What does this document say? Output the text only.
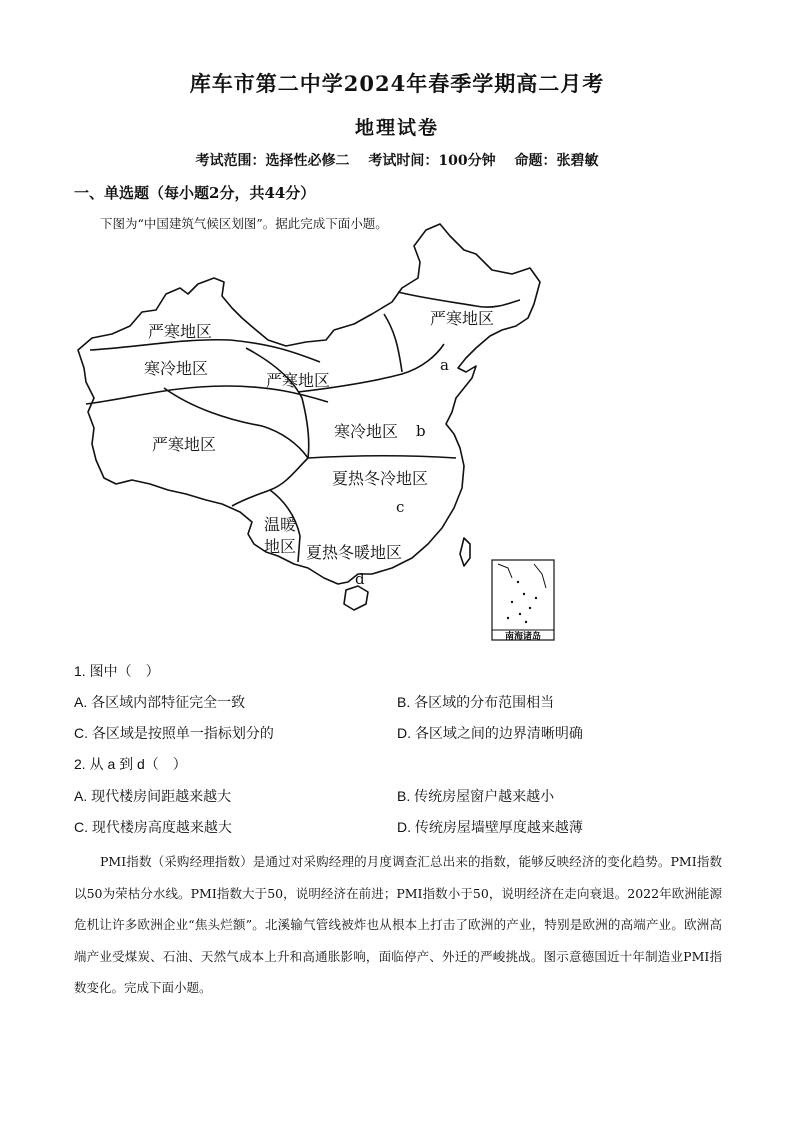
库车市第二中学2024年春季学期高二月考
地理试卷
考试范围：选择性必修二 考试时间：100分钟 命题：张碧敏
一、单选题（每小题2分，共44分）
下图为“中国建筑气候区划图”。据此完成下面小题。
南海诸岛
严寒地区
寒冷地区
严寒地区
严寒地区
严寒地区
寒冷地区
夏热冬冷地区
温暖
地区 夏热冬暖地区
a
b
c
d
1. 图中（　）
A. 各区域内部特征完全一致	B. 各区域的分布范围相当
C. 各区域是按照单一指标划分的	D. 各区域之间的边界清晰明确
2. 从 a 到 d（　）
A. 现代楼房间距越来越大	B. 传统房屋窗户越来越小
C. 现代楼房高度越来越大	D. 传统房屋墙壁厚度越来越薄

PMI指数（采购经理指数）是通过对采购经理的月度调查汇总出来的指数，能够反映经济的变化趋势。PMI指数以50为荣枯分水线。PMI指数大于50，说明经济在前进；PMI指数小于50，说明经济在走向衰退。2022年欧洲能源危机让许多欧洲企业“焦头烂额”。北溪输气管线被炸也从根本上打击了欧洲的产业，特别是欧洲的高端产业。欧洲高端产业受煤炭、石油、天然气成本上升和高通胀影响，面临停产、外迁的严峻挑战。图示意德国近十年制造业PMI指数变化。完成下面小题。
